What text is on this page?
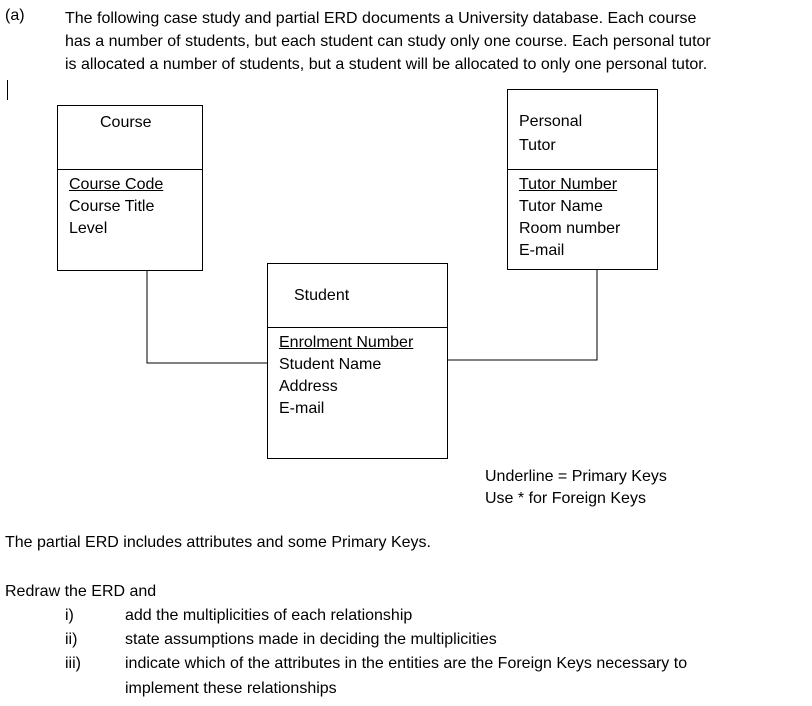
(a)	The following case study and partial ERD documents a University database. Each course
has a number of students, but each student can study only one course. Each personal tutor
is allocated a number of students, but a student will be allocated to only one personal tutor.
Course
Course Code
Course Title
Level
Personal
Tutor
Tutor Number
Tutor Name
Room number
E-mail
Student
Enrolment Number
Student Name
Address
E-mail
Underline = Primary Keys
Use * for Foreign Keys
The partial ERD includes attributes and some Primary Keys.
Redraw the ERD and
i)	add the multiplicities of each relationship
ii)	state assumptions made in deciding the multiplicities
iii)	indicate which of the attributes in the entities are the Foreign Keys necessary to
implement these relationships
